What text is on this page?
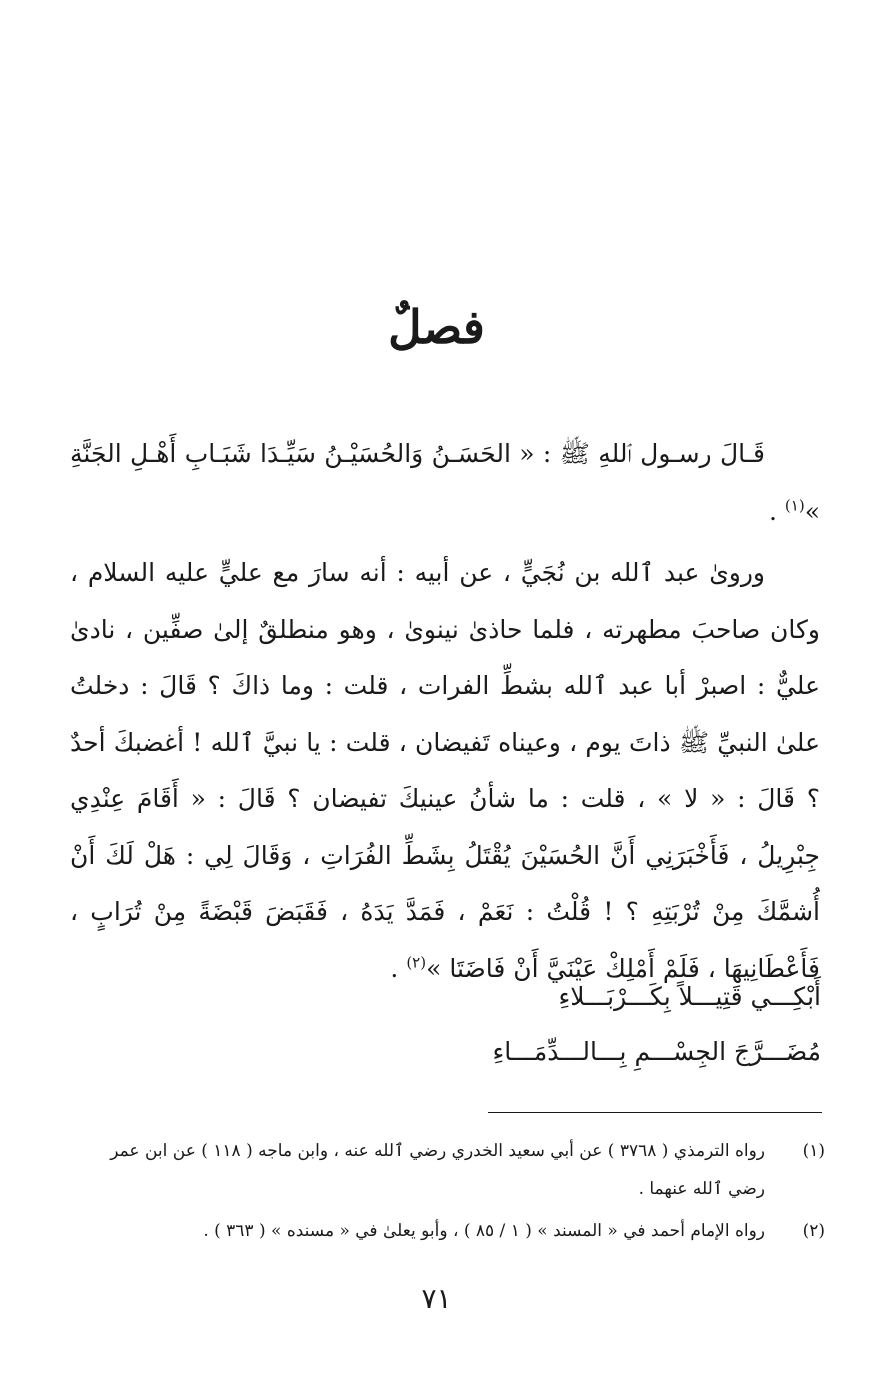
فصلٌ

قَـالَ رسـول ٱللهِ ﷺ : « الحَسَـنُ وَالحُسَيْـنُ سَيِّـدَا شَبَـابِ أَهْـلِ الجَنَّةِ »$^{(١)}$ .

وروىٰ عبد ٱلله بن نُجَيٍّ ، عن أبيه : أنه سارَ مع عليٍّ عليه السلام ، وكان صاحبَ مطهرته ، فلما حاذىٰ نينوىٰ ، وهو منطلقٌ إلىٰ صفِّين ، نادىٰ عليٌّ : اصبرْ أبا عبد ٱلله بشطِّ الفرات ، قلت : وما ذاكَ ؟ قَالَ : دخلتُ علىٰ النبيِّ ﷺ ذاتَ يوم ، وعيناه تَفيضان ، قلت : يا نبيَّ ٱلله ! أغضبكَ أحدٌ ؟ قَالَ : « لا » ، قلت : ما شأنُ عينيكَ تفيضان ؟ قَالَ : « أَقَامَ عِنْدِي جِبْرِيلُ ، فَأَخْبَرَنِي أَنَّ الحُسَيْنَ يُقْتَلُ بِشَطِّ الفُرَاتِ ، وَقَالَ لِي : هَلْ لَكَ أَنْ أُشمَّكَ مِنْ تُرْبَتِهِ ؟ ! قُلْتُ : نَعَمْ ، فَمَدَّ يَدَهُ ، فَقَبَضَ قَبْضَةً مِنْ تُرَابٍ ، فَأَعْطَانِيهَا ، فَلَمْ أَمْلِكْ عَيْنَيَّ أَنْ فَاضَتَا »$^{(٢)}$ .

أَبْكِـــي قَتِيـــلاً بِكَـــرْبَـــلاءِ
مُضَـــرَّجَ الجِسْـــمِ بِـــالـــدِّمَـــاءِ
(١)
رواه الترمذي ( ٣٧٦٨ ) عن أبي سعيد الخدري رضي ٱلله عنه ، وابن ماجه ( ١١٨ ) عن ابن عمر رضي ٱلله عنهما .
(٢)
رواه الإمام أحمد في « المسند » ( ١ / ٨٥ ) ، وأبو يعلىٰ في « مسنده » ( ٣٦٣ ) .
٧١
